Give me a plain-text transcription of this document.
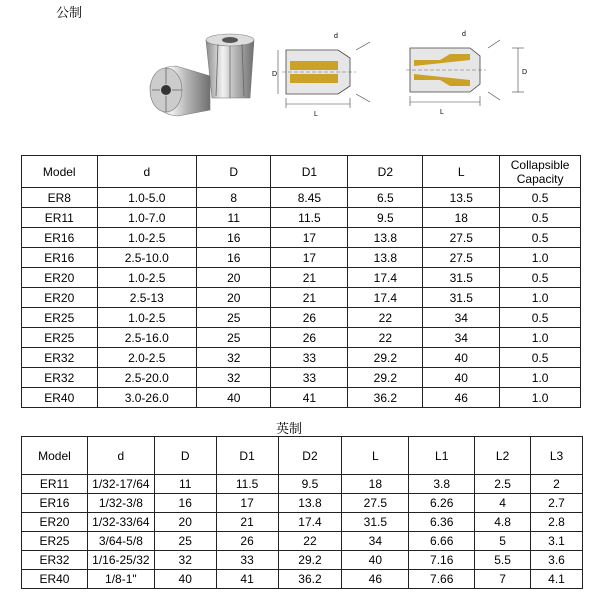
公制
d
L
D
d
L
D
Model	d	D	D1	D2	L	Collapsible Capacity
ER8	1.0-5.0	8	8.45	6.5	13.5	0.5
ER11	1.0-7.0	11	11.5	9.5	18	0.5
ER16	1.0-2.5	16	17	13.8	27.5	0.5
ER16	2.5-10.0	16	17	13.8	27.5	1.0
ER20	1.0-2.5	20	21	17.4	31.5	0.5
ER20	2.5-13	20	21	17.4	31.5	1.0
ER25	1.0-2.5	25	26	22	34	0.5
ER25	2.5-16.0	25	26	22	34	1.0
ER32	2.0-2.5	32	33	29.2	40	0.5
ER32	2.5-20.0	32	33	29.2	40	1.0
ER40	3.0-26.0	40	41	36.2	46	1.0
英制
Model	d	D	D1	D2	L	L1	L2	L3
ER11	1/32-17/64	11	11.5	9.5	18	3.8	2.5	2
ER16	1/32-3/8	16	17	13.8	27.5	6.26	4	2.7
ER20	1/32-33/64	20	21	17.4	31.5	6.36	4.8	2.8
ER25	3/64-5/8	25	26	22	34	6.66	5	3.1
ER32	1/16-25/32	32	33	29.2	40	7.16	5.5	3.6
ER40	1/8-1"	40	41	36.2	46	7.66	7	4.1
